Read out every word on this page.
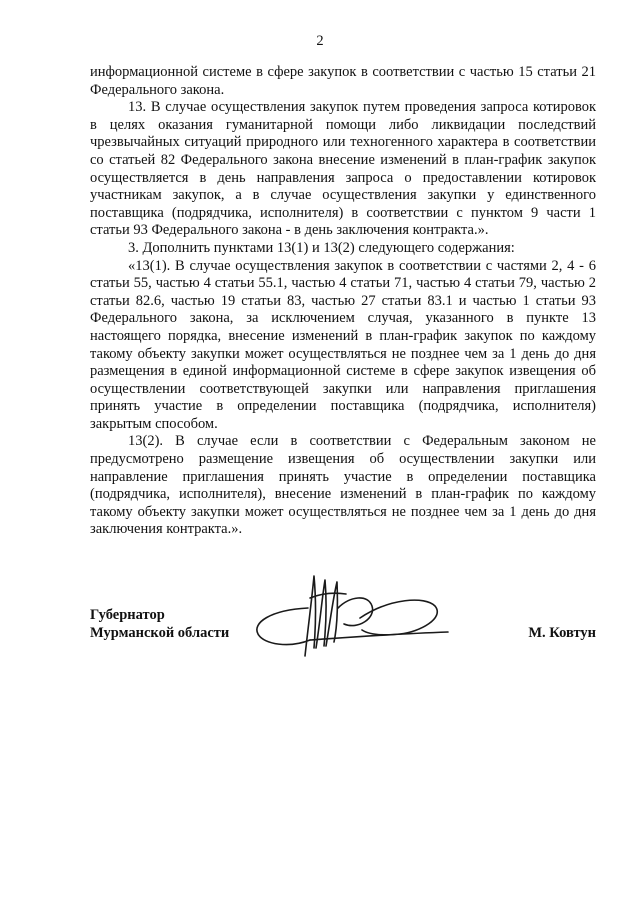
2

информационной системе в сфере закупок в соответствии с частью 15 статьи 21 Федерального закона.

13. В случае осуществления закупок путем проведения запроса котировок в целях оказания гуманитарной помощи либо ликвидации последствий чрезвычайных ситуаций природного или техногенного характера в соответствии со статьей 82 Федерального закона внесение изменений в план-график закупок осуществляется в день направления запроса о предоставлении котировок участникам закупок, а в случае осуществления закупки у единственного поставщика (подрядчика, исполнителя) в соответствии с пунктом 9 части 1 статьи 93 Федерального закона - в день заключения контракта.».

3. Дополнить пунктами 13(1) и 13(2) следующего содержания:

«13(1). В случае осуществления закупок в соответствии с частями 2, 4 - 6 статьи 55, частью 4 статьи 55.1, частью 4 статьи 71, частью 4 статьи 79, частью 2 статьи 82.6, частью 19 статьи 83, частью 27 статьи 83.1 и частью 1 статьи 93 Федерального закона, за исключением случая, указанного в пункте 13 настоящего порядка, внесение изменений в план-график закупок по каждому такому объекту закупки может осуществляться не позднее чем за 1 день до дня размещения в единой информационной системе в сфере закупок извещения об осуществлении соответствующей закупки или направления приглашения принять участие в определении поставщика (подрядчика, исполнителя) закрытым способом.

13(2). В случае если в соответствии с Федеральным законом не предусмотрено размещение извещения об осуществлении закупки или направление приглашения принять участие в определении поставщика (подрядчика, исполнителя), внесение изменений в план-график по каждому такому объекту закупки может осуществляться не позднее чем за 1 день до дня заключения контракта.».

Губернатор
Мурманской области	М. Ковтун
